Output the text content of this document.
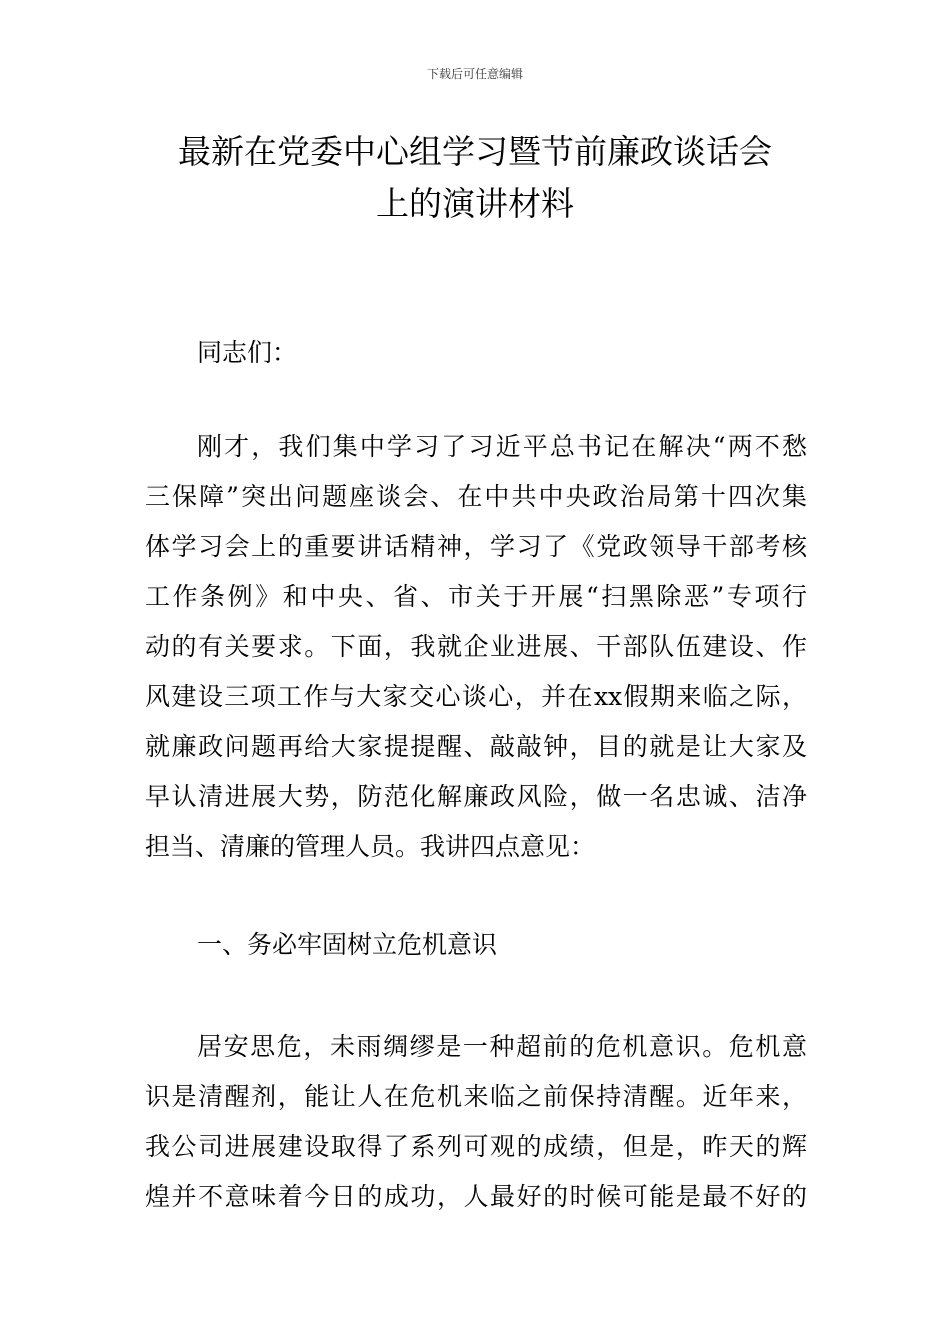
下载后可任意编辑
最新在党委中心组学习暨节前廉政谈话会
上的演讲材料

同志们：

刚才，我们集中学习了习近平总书记在解决“两不愁
三保障”突出问题座谈会、在中共中央政治局第十四次集
体学习会上的重要讲话精神，学习了《党政领导干部考核
工作条例》和中央、省、市关于开展“扫黑除恶”专项行
动的有关要求。下面，我就企业进展、干部队伍建设、作
风建设三项工作与大家交心谈心，并在xx假期来临之际，
就廉政问题再给大家提提醒、敲敲钟，目的就是让大家及
早认清进展大势，防范化解廉政风险，做一名忠诚、洁净
担当、清廉的管理人员。我讲四点意见：

一、务必牢固树立危机意识

居安思危，未雨绸缪是一种超前的危机意识。危机意
识是清醒剂，能让人在危机来临之前保持清醒。近年来，
我公司进展建设取得了系列可观的成绩，但是，昨天的辉
煌并不意味着今日的成功，人最好的时候可能是最不好的
